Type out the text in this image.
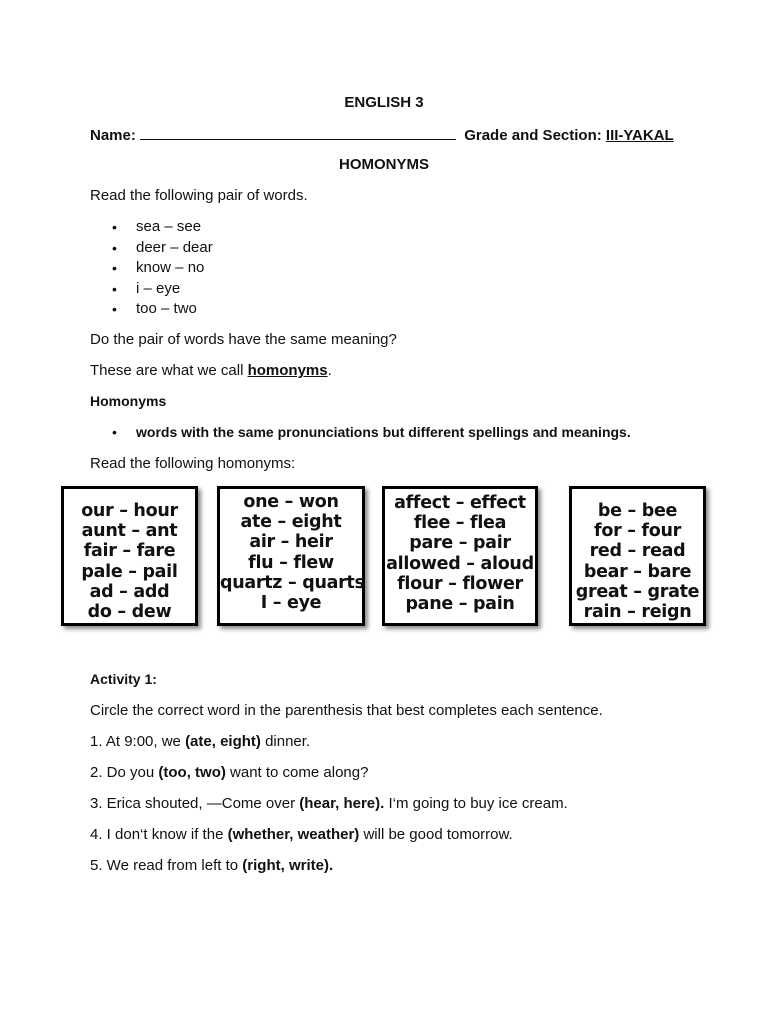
ENGLISH 3
Name:	Grade and Section: III-YAKAL
HOMONYMS
Read the following pair of words.
• sea – see
• deer – dear
• know – no
• i – eye
• too – two
Do the pair of words have the same meaning?
These are what we call homonyms.
Homonyms
• words with the same pronunciations but different spellings and meanings.
Read the following homonyms:
our – hour
aunt – ant
fair – fare
pale – pail
ad – add
do – dew
one – won
ate – eight
air – heir
flu – flew
quartz – quarts
I – eye
affect – effect
flee – flea
pare – pair
allowed – aloud
flour – flower
pane – pain
be – bee
for – four
red – read
bear – bare
great – grate
rain – reign
Activity 1:
Circle the correct word in the parenthesis that best completes each sentence.
1. At 9:00, we (ate, eight) dinner.
2. Do you (too, two) want to come along?
3. Erica shouted, ―Come over (hear, here). I‘m going to buy ice cream.
4. I don‘t know if the (whether, weather) will be good tomorrow.
5. We read from left to (right, write).
